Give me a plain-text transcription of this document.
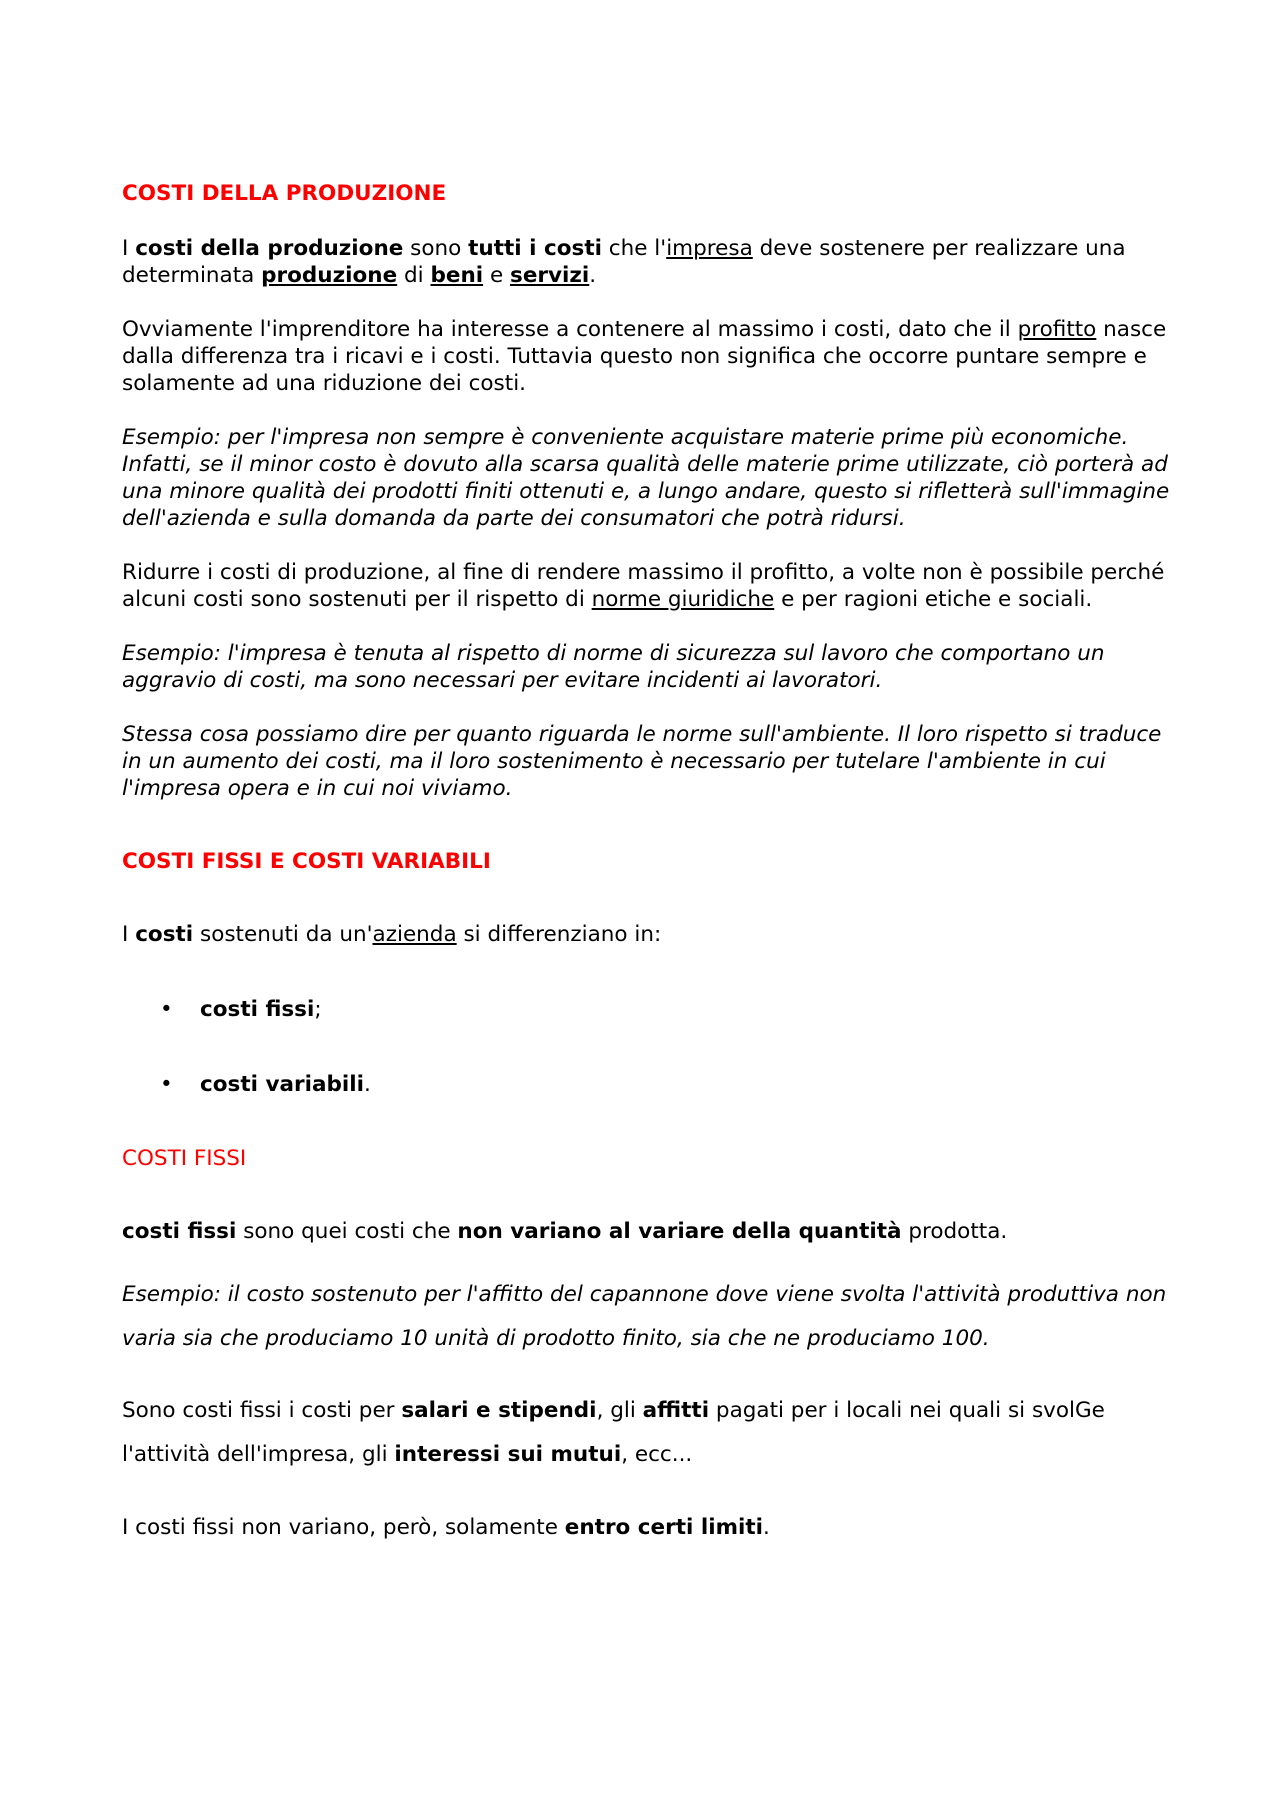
COSTI DELLA PRODUZIONE

I costi della produzione sono tutti i costi che l'impresa deve sostenere per realizzare una determinata produzione di beni e servizi.

Ovviamente l'imprenditore ha interesse a contenere al massimo i costi, dato che il profitto nasce dalla differenza tra i ricavi e i costi. Tuttavia questo non significa che occorre puntare sempre e solamente ad una riduzione dei costi.

Esempio: per l'impresa non sempre è conveniente acquistare materie prime più economiche. Infatti, se il minor costo è dovuto alla scarsa qualità delle materie prime utilizzate, ciò porterà ad una minore qualità dei prodotti finiti ottenuti e, a lungo andare, questo si rifletterà sull'immagine dell'azienda e sulla domanda da parte dei consumatori che potrà ridursi.

Ridurre i costi di produzione, al fine di rendere massimo il profitto, a volte non è possibile perché alcuni costi sono sostenuti per il rispetto di norme giuridiche e per ragioni etiche e sociali.

Esempio: l'impresa è tenuta al rispetto di norme di sicurezza sul lavoro che comportano un aggravio di costi, ma sono necessari per evitare incidenti ai lavoratori.

Stessa cosa possiamo dire per quanto riguarda le norme sull'ambiente. Il loro rispetto si traduce in un aumento dei costi, ma il loro sostenimento è necessario per tutelare l'ambiente in cui l'impresa opera e in cui noi viviamo.

COSTI FISSI E COSTI VARIABILI

I costi sostenuti da un'azienda si differenziano in:

• costi fissi;
• costi variabili.

COSTI FISSI

costi fissi sono quei costi che non variano al variare della quantità prodotta.

Esempio: il costo sostenuto per l'affitto del capannone dove viene svolta l'attività produttiva non varia sia che produciamo 10 unità di prodotto finito, sia che ne produciamo 100.

Sono costi fissi i costi per salari e stipendi, gli affitti pagati per i locali nei quali si svolGe l'attività dell'impresa, gli interessi sui mutui, ecc...

I costi fissi non variano, però, solamente entro certi limiti.
